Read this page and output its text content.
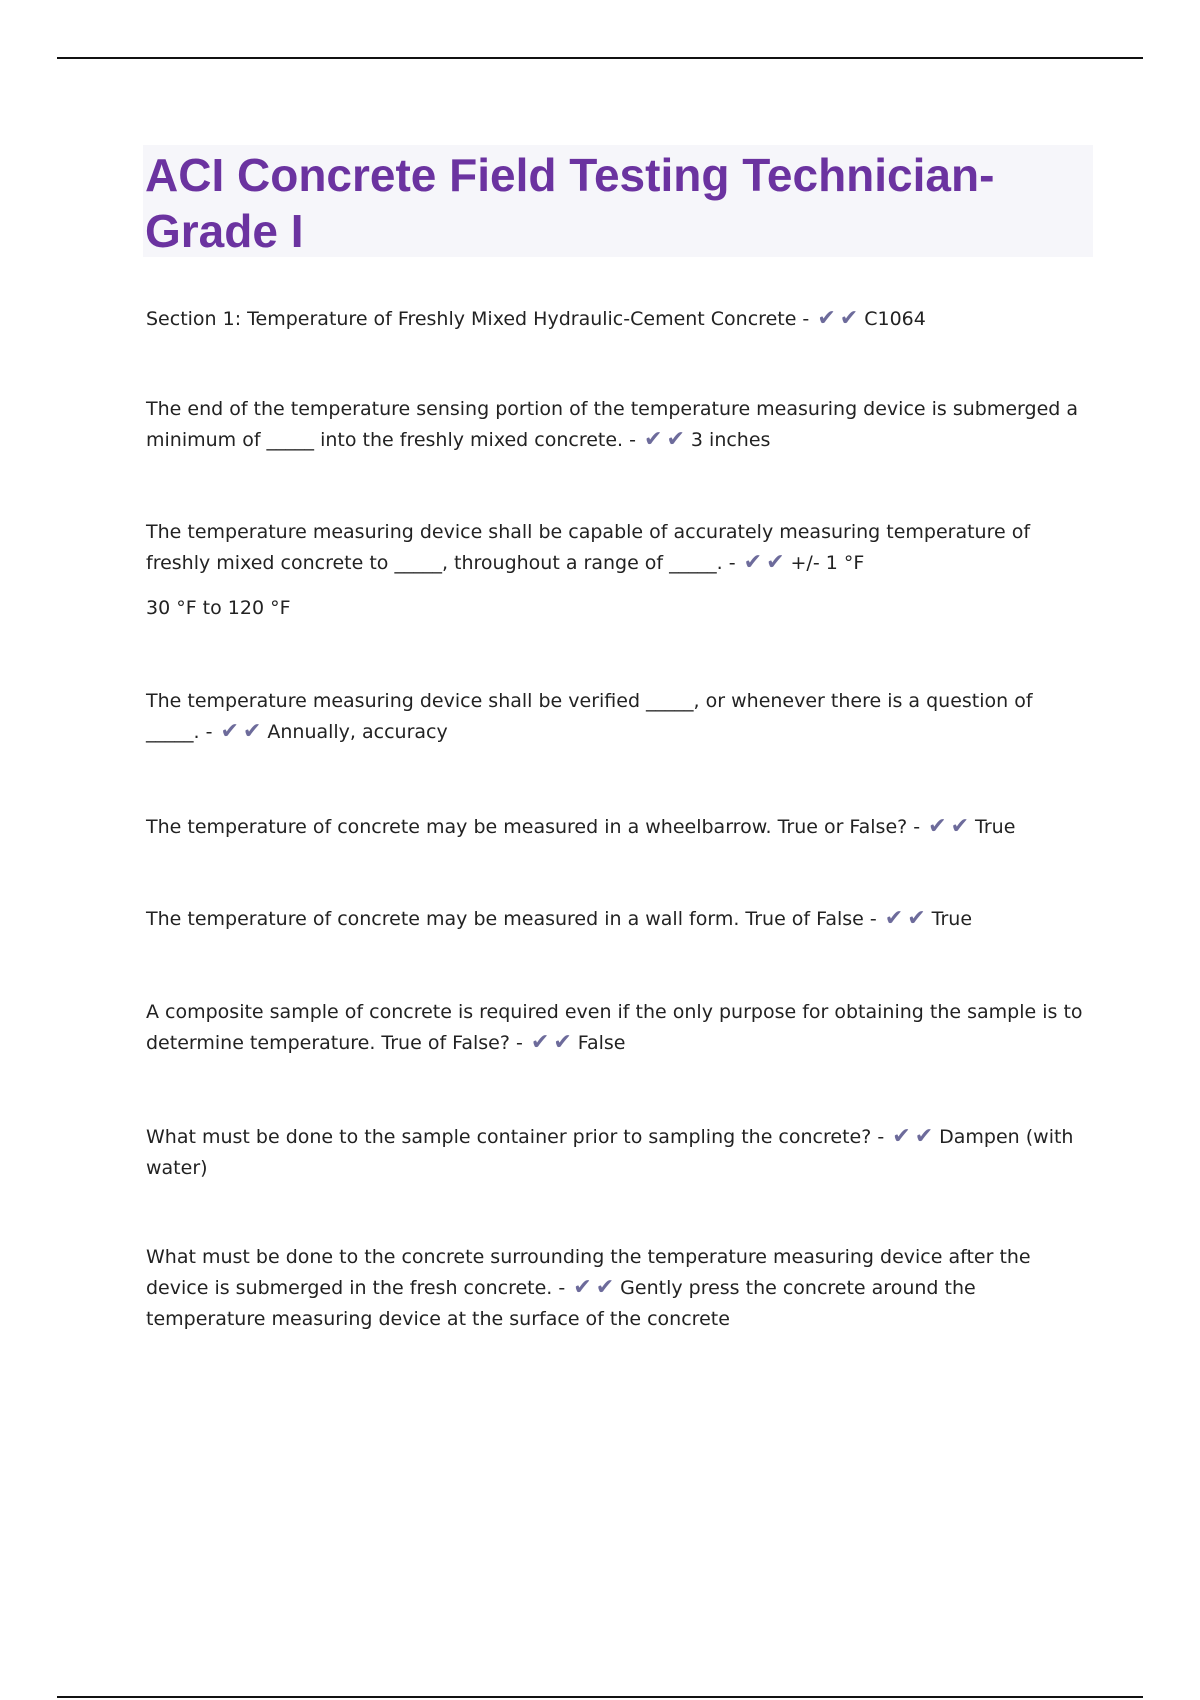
ACI Concrete Field Testing Technician-
Grade I
Section 1: Temperature of Freshly Mixed Hydraulic-Cement Concrete - ✔ ✔ C1064
The end of the temperature sensing portion of the temperature measuring device is submerged a minimum of _____ into the freshly mixed concrete. - ✔ ✔ 3 inches
The temperature measuring device shall be capable of accurately measuring temperature of freshly mixed concrete to _____, throughout a range of _____. - ✔ ✔ +/- 1 °F
30 °F to 120 °F
The temperature measuring device shall be verified _____, or whenever there is a question of _____. - ✔ ✔ Annually, accuracy
The temperature of concrete may be measured in a wheelbarrow. True or False? - ✔ ✔ True
The temperature of concrete may be measured in a wall form. True of False - ✔ ✔ True
A composite sample of concrete is required even if the only purpose for obtaining the sample is to determine temperature. True of False? - ✔ ✔ False
What must be done to the sample container prior to sampling the concrete? - ✔ ✔ Dampen (with water)
What must be done to the concrete surrounding the temperature measuring device after the device is submerged in the fresh concrete. - ✔ ✔ Gently press the concrete around the temperature measuring device at the surface of the concrete
